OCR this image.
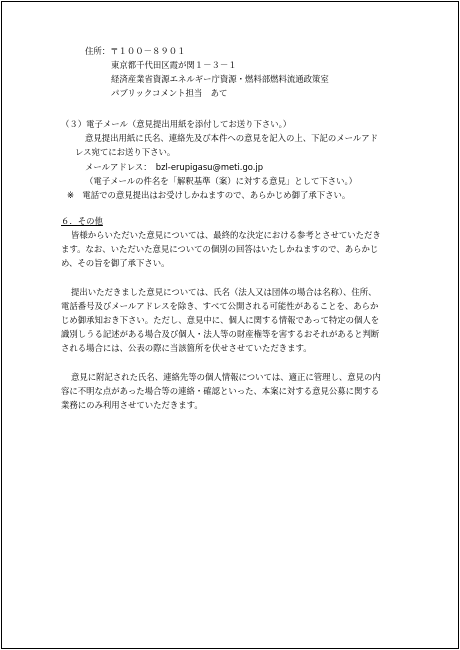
住所：〒１００－８９０１
東京都千代田区霞が関１－３－１
経済産業省資源エネルギー庁資源・燃料部燃料流通政策室
パブリックコメント担当　あて
（３）電子メール（意見提出用紙を添付してお送り下さい。）
意見提出用紙に氏名、連絡先及び本件への意見を記入の上、下記のメールアド
レス宛てにお送り下さい。
メールアドレス：　bzl-erupigasu@meti.go.jp
（電子メールの件名を「解釈基準（案）に対する意見」として下さい。）
※　電話での意見提出はお受けしかねますので、あらかじめ御了承下さい。
６．その他
皆様からいただいた意見については、最終的な決定における参考とさせていただき
ます。なお、いただいた意見についての個別の回答はいたしかねますので、あらかじ
め、その旨を御了承下さい。
提出いただきました意見については、氏名（法人又は団体の場合は名称）、住所、
電話番号及びメールアドレスを除き、すべて公開される可能性があることを、あらか
じめ御承知おき下さい。ただし、意見中に、個人に関する情報であって特定の個人を
識別しうる記述がある場合及び個人・法人等の財産権等を害するおそれがあると判断
される場合には、公表の際に当該箇所を伏せさせていただきます。
意見に附記された氏名、連絡先等の個人情報については、適正に管理し、意見の内
容に不明な点があった場合等の連絡・確認といった、本案に対する意見公募に関する
業務にのみ利用させていただきます。
